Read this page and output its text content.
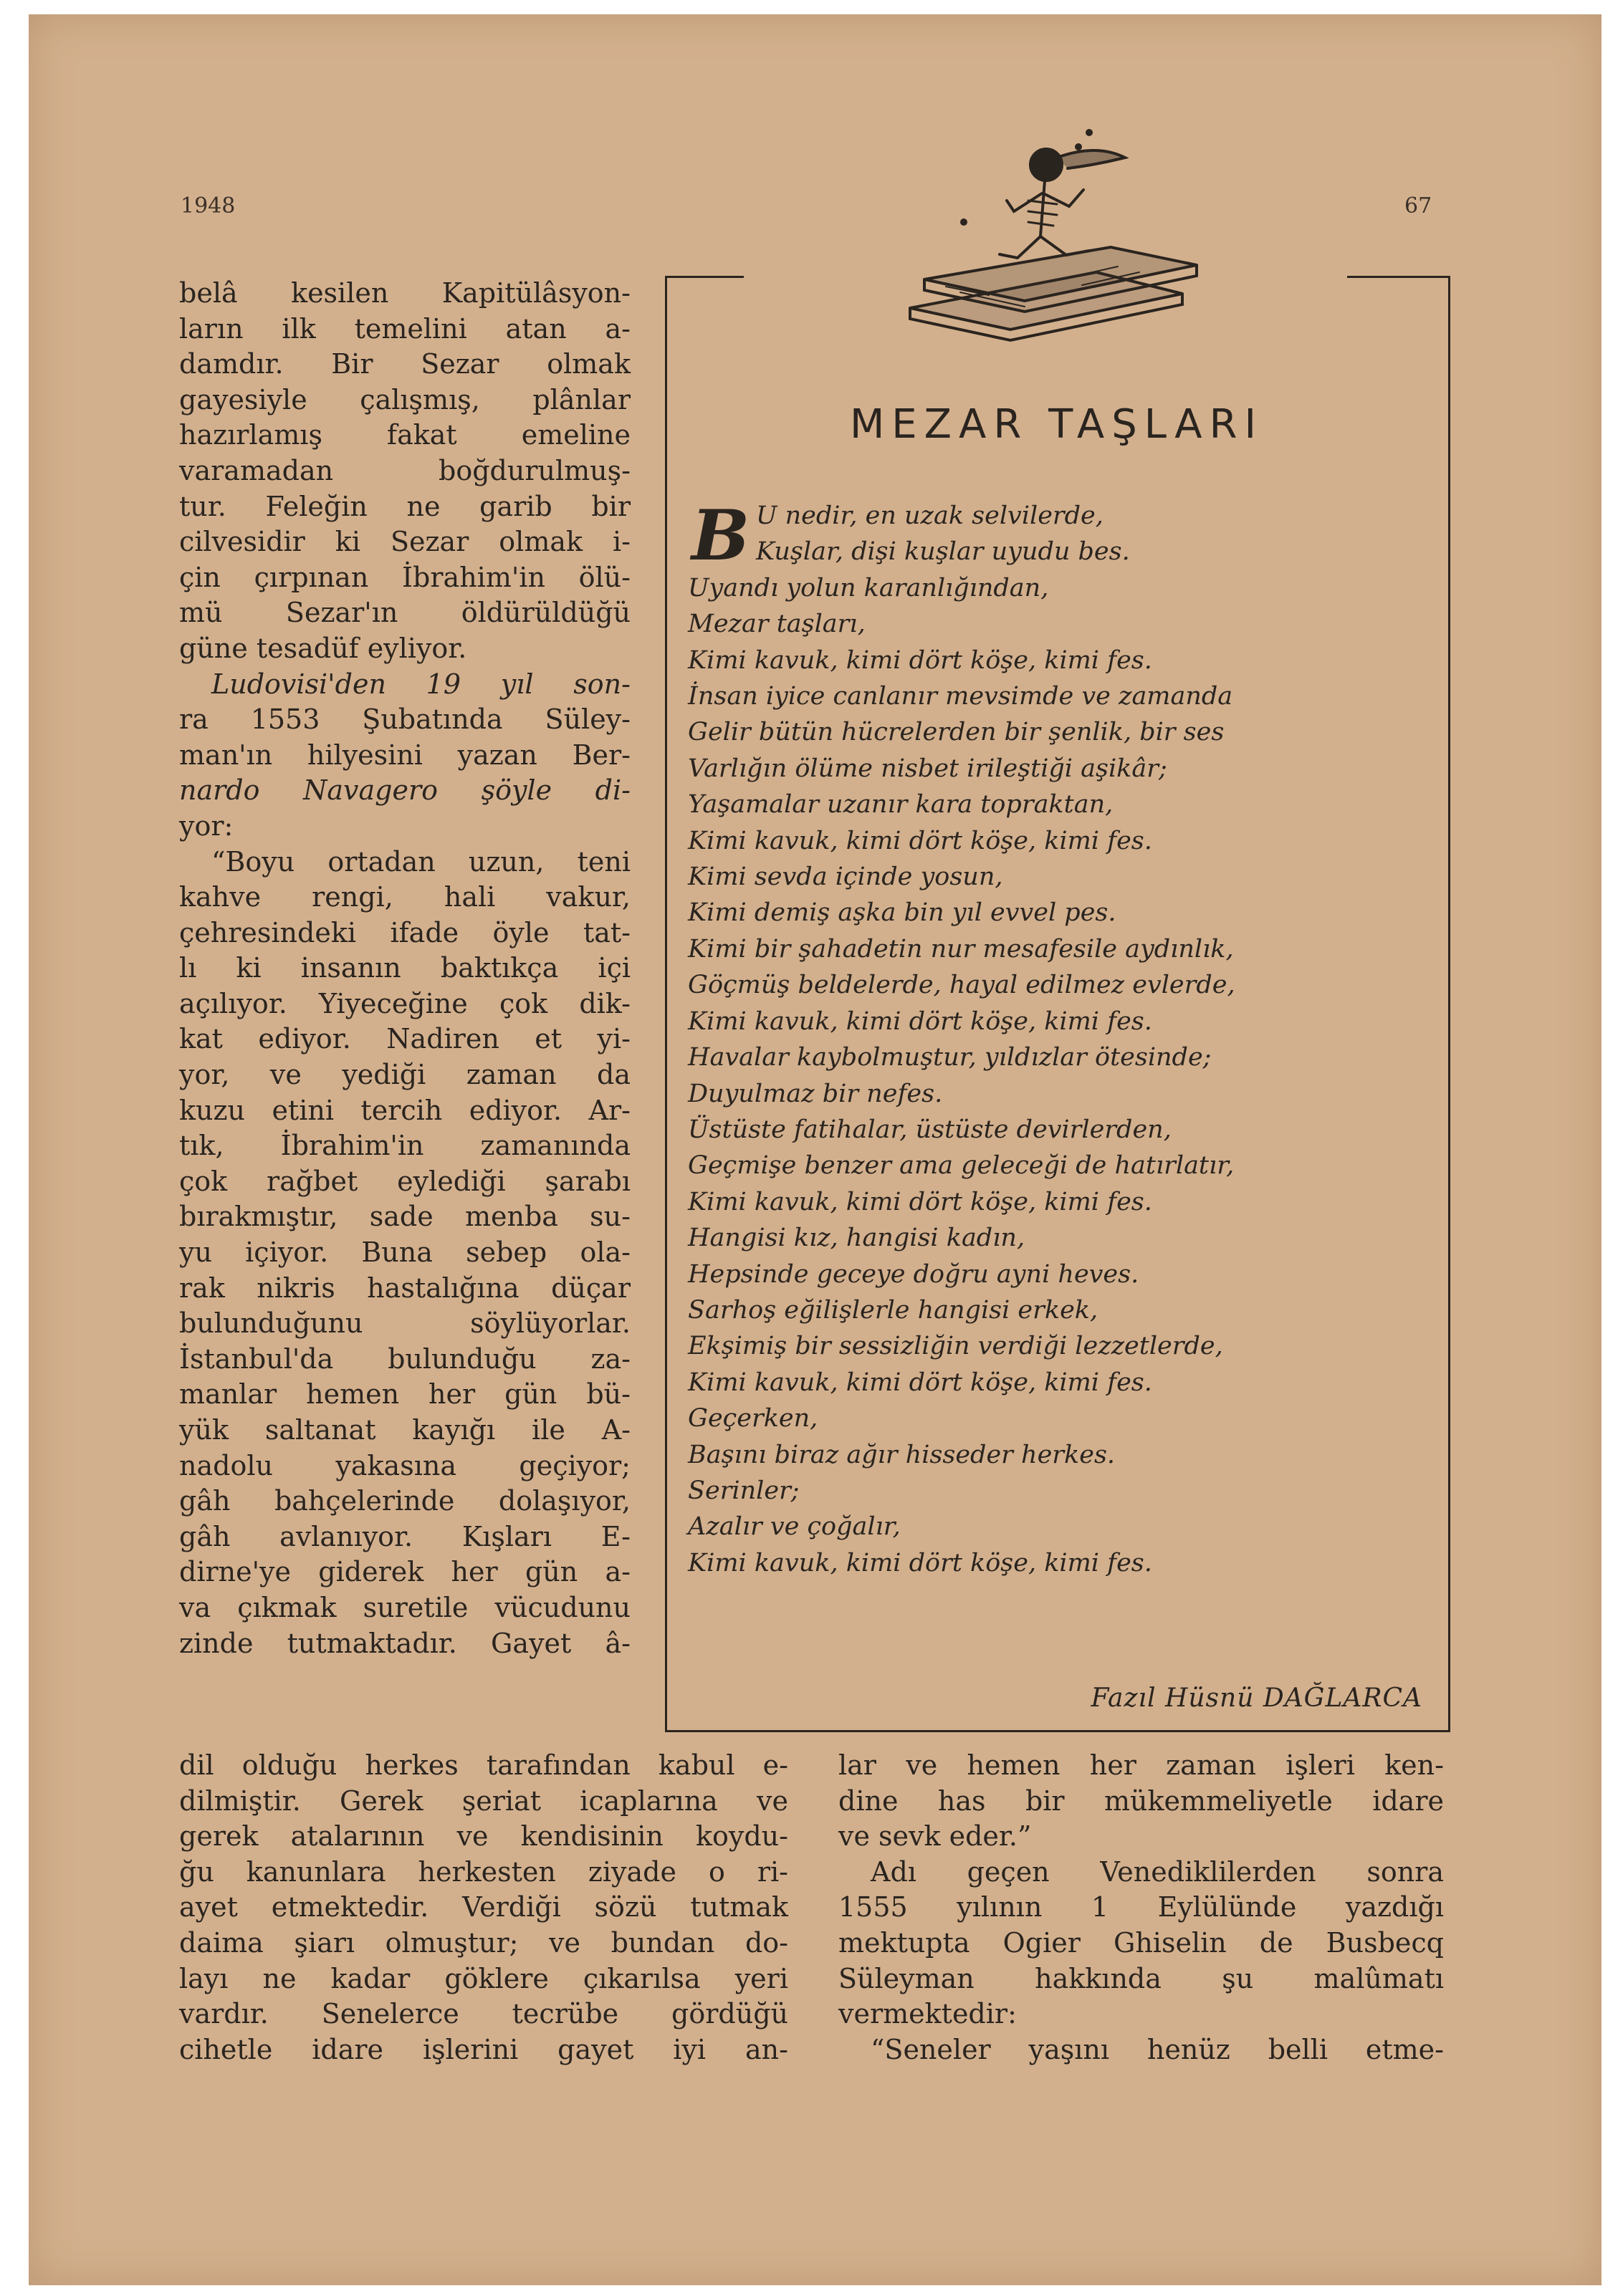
1948	67
belâ kesilen Kapitülâsyon-
ların ilk temelini atan a-
damdır. Bir Sezar olmak
gayesiyle çalışmış, plânlar
hazırlamış fakat emeline
varamadan boğdurulmuş-
tur. Feleğin ne garib bir
cilvesidir ki Sezar olmak i-
çin çırpınan İbrahim'in ölü-
mü Sezar'ın öldürüldüğü
güne tesadüf eyliyor.
Ludovisi'den 19 yıl son-
ra 1553 Şubatında Süley-
man'ın hilyesini yazan Ber-
nardo Navagero şöyle di-
yor:
“Boyu ortadan uzun, teni
kahve rengi, hali vakur,
çehresindeki ifade öyle tat-
lı ki insanın baktıkça içi
açılıyor. Yiyeceğine çok dik-
kat ediyor. Nadiren et yi-
yor, ve yediği zaman da
kuzu etini tercih ediyor. Ar-
tık, İbrahim'in zamanında
çok rağbet eylediği şarabı
bırakmıştır, sade menba su-
yu içiyor. Buna sebep ola-
rak nikris hastalığına düçar
bulunduğunu söylüyorlar.
İstanbul'da bulunduğu za-
manlar hemen her gün bü-
yük saltanat kayığı ile A-
nadolu yakasına geçiyor;
gâh bahçelerinde dolaşıyor,
gâh avlanıyor. Kışları E-
dirne'ye giderek her gün a-
va çıkmak suretile vücudunu
zinde tutmaktadır. Gayet â-
MEZAR TAŞLARI
B U nedir, en uzak selvilerde,
Kuşlar, dişi kuşlar uyudu bes.
Uyandı yolun karanlığından,
Mezar taşları,
Kimi kavuk, kimi dört köşe, kimi fes.
İnsan iyice canlanır mevsimde ve zamanda
Gelir bütün hücrelerden bir şenlik, bir ses
Varlığın ölüme nisbet irileştiği aşikâr;
Yaşamalar uzanır kara topraktan,
Kimi kavuk, kimi dört köşe, kimi fes.
Kimi sevda içinde yosun,
Kimi demiş aşka bin yıl evvel pes.
Kimi bir şahadetin nur mesafesile aydınlık,
Göçmüş beldelerde, hayal edilmez evlerde,
Kimi kavuk, kimi dört köşe, kimi fes.
Havalar kaybolmuştur, yıldızlar ötesinde;
Duyulmaz bir nefes.
Üstüste fatihalar, üstüste devirlerden,
Geçmişe benzer ama geleceği de hatırlatır,
Kimi kavuk, kimi dört köşe, kimi fes.
Hangisi kız, hangisi kadın,
Hepsinde geceye doğru ayni heves.
Sarhoş eğilişlerle hangisi erkek,
Ekşimiş bir sessizliğin verdiği lezzetlerde,
Kimi kavuk, kimi dört köşe, kimi fes.
Geçerken,
Başını biraz ağır hisseder herkes.
Serinler;
Azalır ve çoğalır,
Kimi kavuk, kimi dört köşe, kimi fes.
Fazıl Hüsnü DAĞLARCA
dil olduğu herkes tarafından kabul e-
dilmiştir. Gerek şeriat icaplarına ve
gerek atalarının ve kendisinin koydu-
ğu kanunlara herkesten ziyade o ri-
ayet etmektedir. Verdiği sözü tutmak
daima şiarı olmuştur; ve bundan do-
layı ne kadar göklere çıkarılsa yeri
vardır. Senelerce tecrübe gördüğü
cihetle idare işlerini gayet iyi an-
lar ve hemen her zaman işleri ken-
dine has bir mükemmeliyetle idare
ve sevk eder.”
Adı geçen Venediklilerden sonra
1555 yılının 1 Eylülünde yazdığı
mektupta Ogier Ghiselin de Busbecq
Süleyman hakkında şu malûmatı
vermektedir:
“Seneler yaşını henüz belli etme-
